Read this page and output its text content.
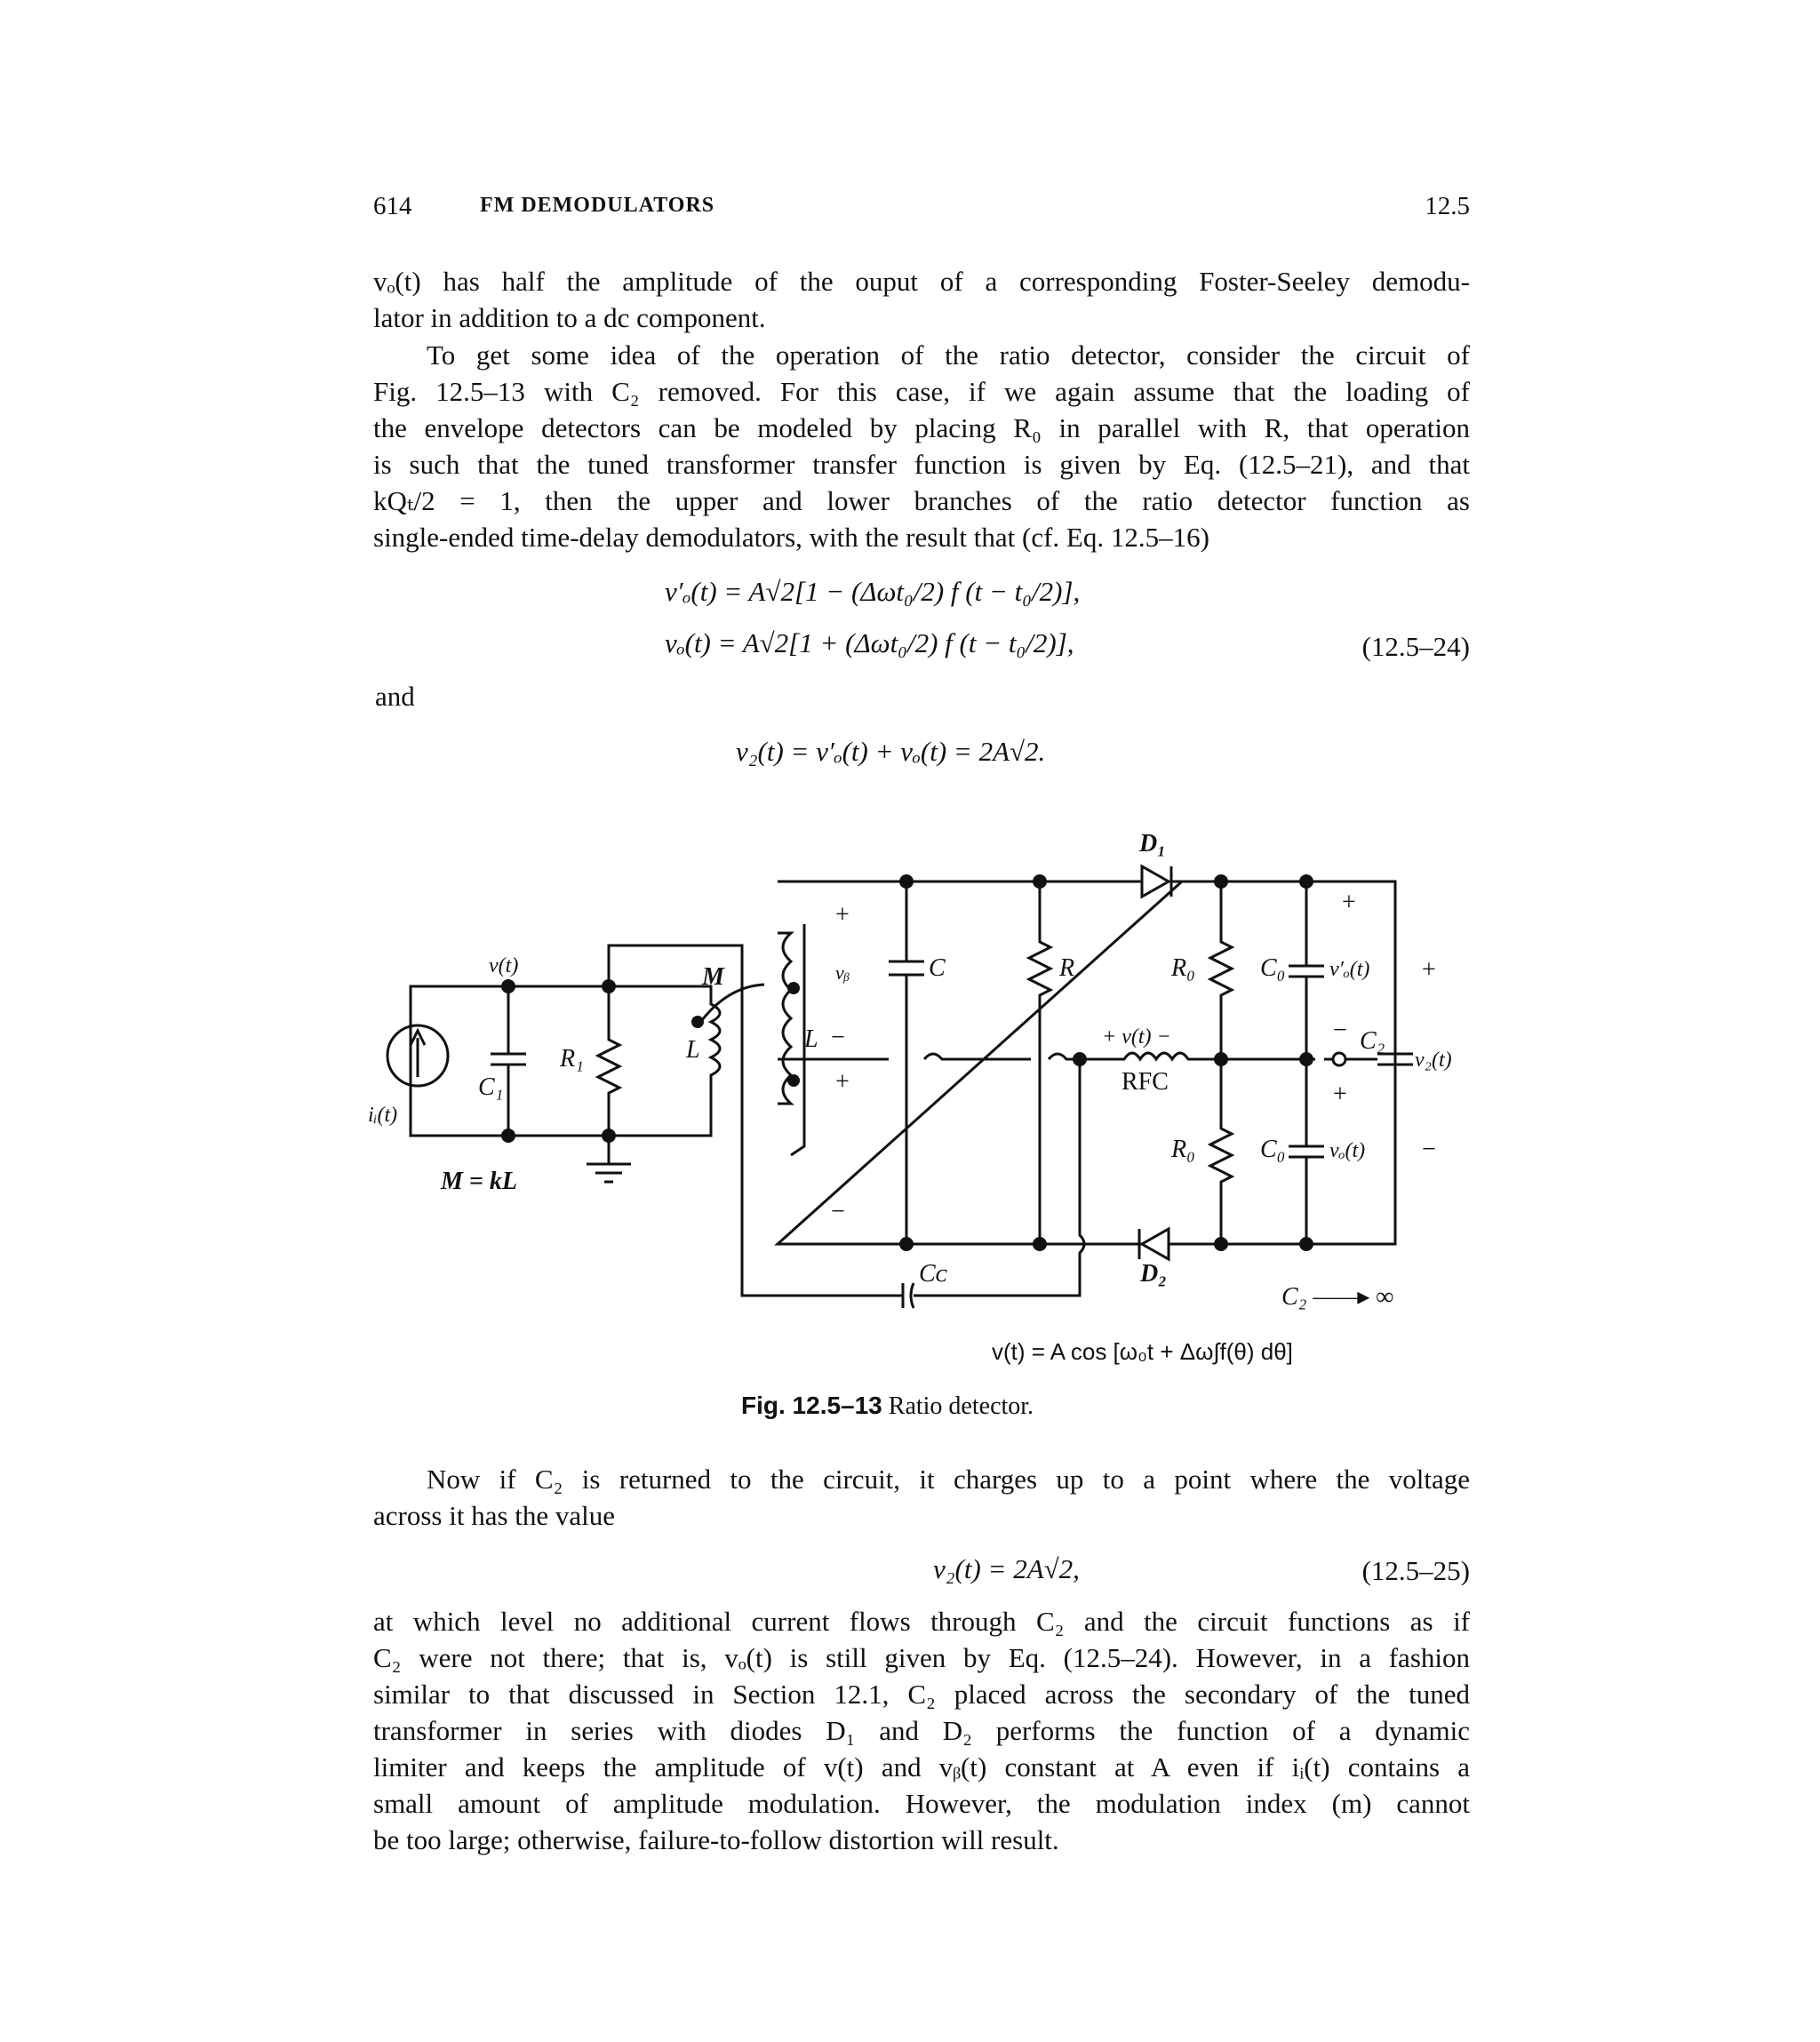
614	FM DEMODULATORS	12.5
vₒ(t) has half the amplitude of the ouput of a corresponding Foster-Seeley demodu-
lator in addition to a dc component.
To get some idea of the operation of the ratio detector, consider the circuit of
Fig. 12.5–13 with C₂ removed. For this case, if we again assume that the loading of
the envelope detectors can be modeled by placing R₀ in parallel with R, that operation
is such that the tuned transformer transfer function is given by Eq. (12.5–21), and that
kQₜ/2 = 1, then the upper and lower branches of the ratio detector function as
single-ended time-delay demodulators, with the result that (cf. Eq. 12.5–16)
v′ₒ(t) = A√2[1 − (Δωt₀/2) f (t − t₀/2)],
vₒ(t) = A√2[1 + (Δωt₀/2) f (t − t₀/2)],	(12.5–24)
and
v₂(t) = v′ₒ(t) + vₒ(t) = 2A√2.
D₁
D₂
C	R	R₀
R₀
C₀
C₀
v′ₒ(t)
vₒ(t)
v₂(t)
C₂
vᵦ
L
L
M
v(t)
R₁
C₁
iᵢ(t)
M = kL
RFC
+ v(t) −
Cᴄ
C₂ ——▸ ∞
+
−
+
−
+
+
−
+
−
v(t) = A cos [ω₀t + Δω∫f(θ) dθ]
Fig. 12.5–13 Ratio detector.
Now if C₂ is returned to the circuit, it charges up to a point where the voltage
across it has the value
v₂(t) = 2A√2,	(12.5–25)
at which level no additional current flows through C₂ and the circuit functions as if
C₂ were not there; that is, vₒ(t) is still given by Eq. (12.5–24). However, in a fashion
similar to that discussed in Section 12.1, C₂ placed across the secondary of the tuned
transformer in series with diodes D₁ and D₂ performs the function of a dynamic
limiter and keeps the amplitude of v(t) and vᵦ(t) constant at A even if iᵢ(t) contains a
small amount of amplitude modulation. However, the modulation index (m) cannot
be too large; otherwise, failure-to-follow distortion will result.
